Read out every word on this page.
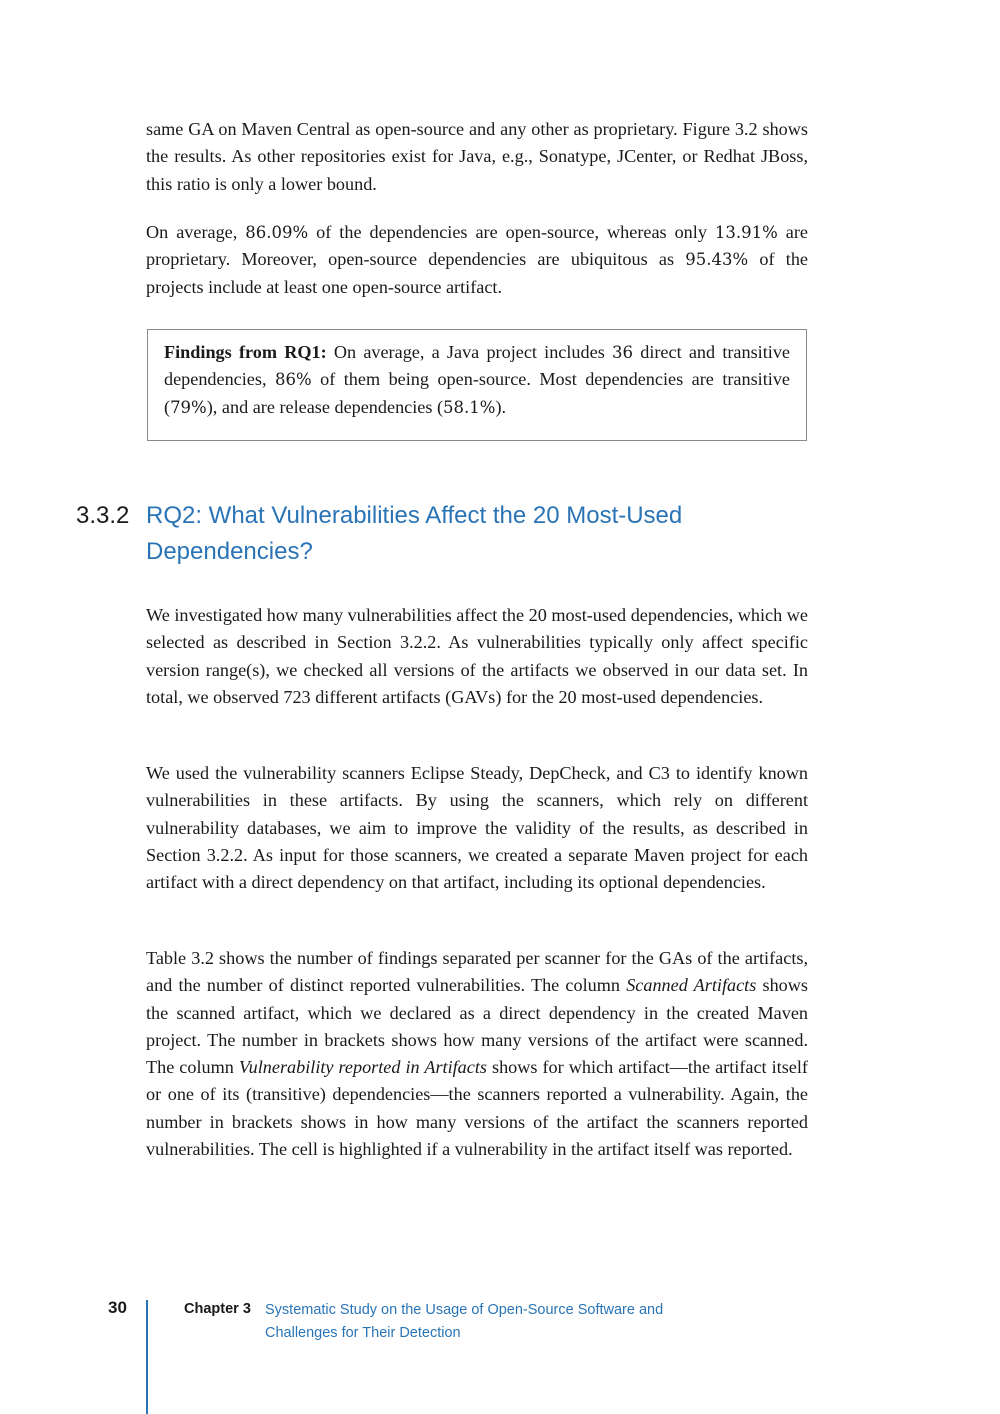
same GA on Maven Central as open-source and any other as proprietary. Figure 3.2 shows the results. As other repositories exist for Java, e.g., Sonatype, JCenter, or Redhat JBoss, this ratio is only a lower bound.

On average, 86.09% of the dependencies are open-source, whereas only 13.91% are proprietary. Moreover, open-source dependencies are ubiquitous as 95.43% of the projects include at least one open-source artifact.

Findings from RQ1: On average, a Java project includes 36 direct and transitive dependencies, 86% of them being open-source. Most dependencies are transitive (79%), and are release dependencies (58.1%).

3.3.2 RQ2: What Vulnerabilities Affect the 20 Most-Used Dependencies?

We investigated how many vulnerabilities affect the 20 most-used dependencies, which we selected as described in Section 3.2.2. As vulnerabilities typically only affect specific version range(s), we checked all versions of the artifacts we observed in our data set. In total, we observed 723 different artifacts (GAVs) for the 20 most-used dependencies.

We used the vulnerability scanners Eclipse Steady, DepCheck, and C3 to identify known vulnerabilities in these artifacts. By using the scanners, which rely on different vulnerability databases, we aim to improve the validity of the results, as described in Section 3.2.2. As input for those scanners, we created a separate Maven project for each artifact with a direct dependency on that artifact, including its optional dependencies.

Table 3.2 shows the number of findings separated per scanner for the GAs of the artifacts, and the number of distinct reported vulnerabilities. The column Scanned Artifacts shows the scanned artifact, which we declared as a direct dependency in the created Maven project. The number in brackets shows how many versions of the artifact were scanned. The column Vulnerability reported in Artifacts shows for which artifact—the artifact itself or one of its (transitive) dependencies—the scanners reported a vulnerability. Again, the number in brackets shows in how many versions of the artifact the scanners reported vulnerabilities. The cell is highlighted if a vulnerability in the artifact itself was reported.

30	Chapter 3 Systematic Study on the Usage of Open-Source Software and Challenges for Their Detection
